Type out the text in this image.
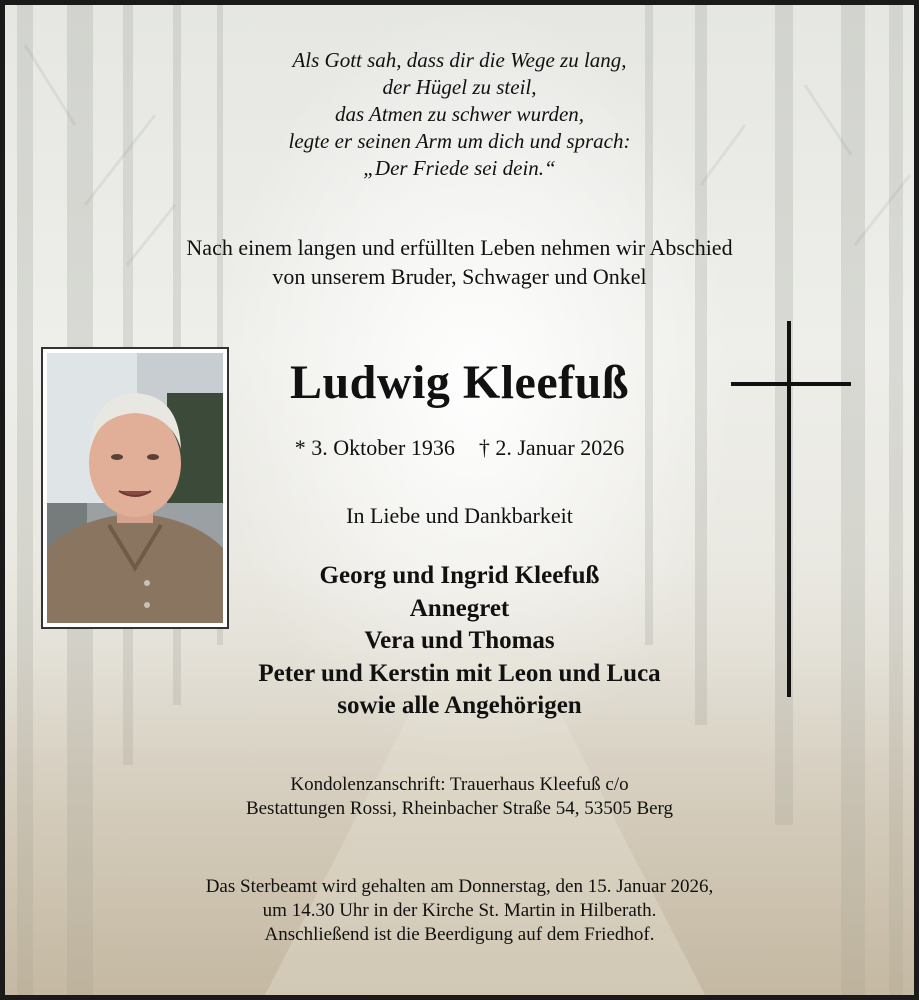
Als Gott sah, dass dir die Wege zu lang,
der Hügel zu steil,
das Atmen zu schwer wurden,
legte er seinen Arm um dich und sprach:
„Der Friede sei dein.“
Nach einem langen und erfüllten Leben nehmen wir Abschied
von unserem Bruder, Schwager und Onkel
Ludwig Kleefuß
* 3. Oktober 1936 † 2. Januar 2026
In Liebe und Dankbarkeit
Georg und Ingrid Kleefuß
Annegret
Vera und Thomas
Peter und Kerstin mit Leon und Luca
sowie alle Angehörigen
Kondolenzanschrift: Trauerhaus Kleefuß c/o
Bestattungen Rossi, Rheinbacher Straße 54, 53505 Berg
Das Sterbeamt wird gehalten am Donnerstag, den 15. Januar 2026,
um 14.30 Uhr in der Kirche St. Martin in Hilberath.
Anschließend ist die Beerdigung auf dem Friedhof.
